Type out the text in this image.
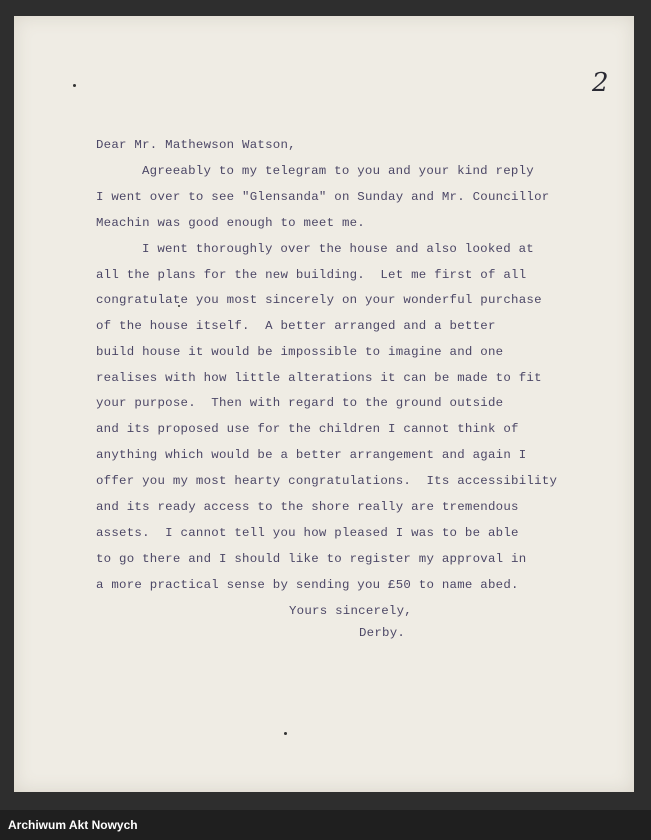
2
Dear Mr. Mathewson Watson,
Agreeably to my telegram to you and your kind reply
I went over to see "Glensanda" on Sunday and Mr. Councillor
Meachin was good enough to meet me.
I went thoroughly over the house and also looked at
all the plans for the new building.  Let me first of all
congratulate you most sincerely on your wonderful purchase
of the house itself.  A better arranged and a better
build house it would be impossible to imagine and one
realises with how little alterations it can be made to fit
your purpose.  Then with regard to the ground outside
and its proposed use for the children I cannot think of
anything which would be a better arrangement and again I
offer you my most hearty congratulations.  Its accessibility
and its ready access to the shore really are tremendous
assets.  I cannot tell you how pleased I was to be able
to go there and I should like to register my approval in
a more practical sense by sending you £50 to name abed.
Yours sincerely,
Derby.
Archiwum Akt Nowych
